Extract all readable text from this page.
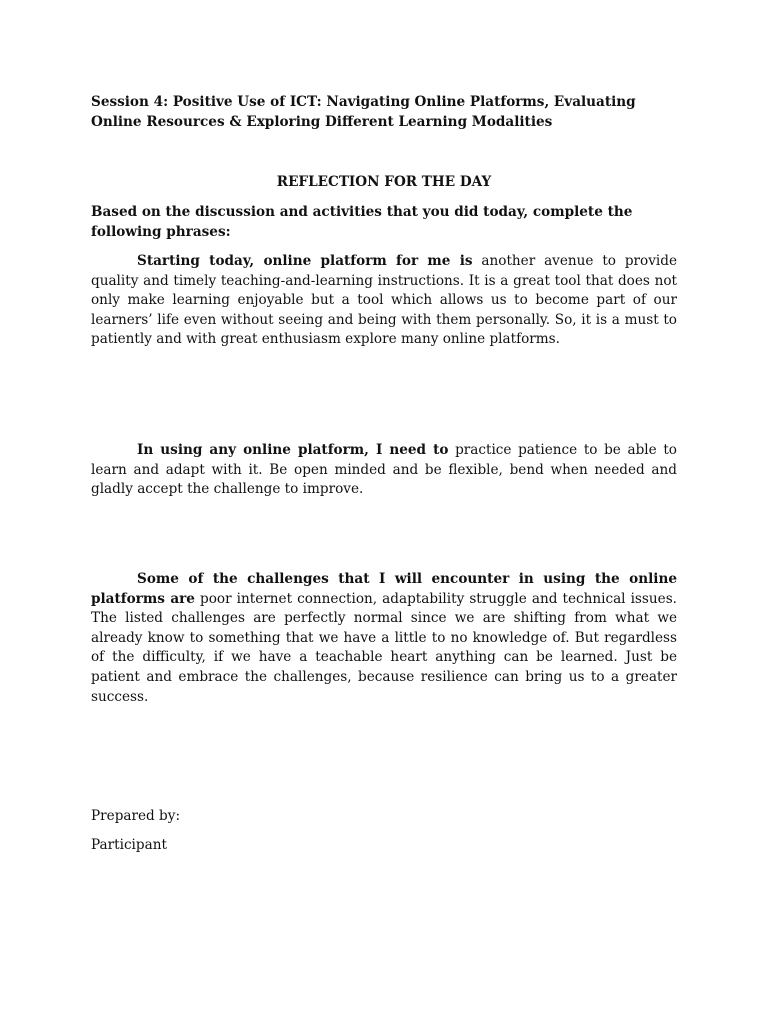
Session 4: Positive Use of ICT: Navigating Online Platforms, Evaluating Online Resources & Exploring Different Learning Modalities

REFLECTION FOR THE DAY

Based on the discussion and activities that you did today, complete the following phrases:

Starting today, online platform for me is another avenue to provide quality and timely teaching-and-learning instructions. It is a great tool that does not only make learning enjoyable but a tool which allows us to become part of our learners’ life even without seeing and being with them personally. So, it is a must to patiently and with great enthusiasm explore many online platforms.

In using any online platform, I need to practice patience to be able to learn and adapt with it. Be open minded and be flexible, bend when needed and gladly accept the challenge to improve.

Some of the challenges that I will encounter in using the online platforms are poor internet connection, adaptability struggle and technical issues. The listed challenges are perfectly normal since we are shifting from what we already know to something that we have a little to no knowledge of. But regardless of the difficulty, if we have a teachable heart anything can be learned. Just be patient and embrace the challenges, because resilience can bring us to a greater success.

Prepared by:

Participant
